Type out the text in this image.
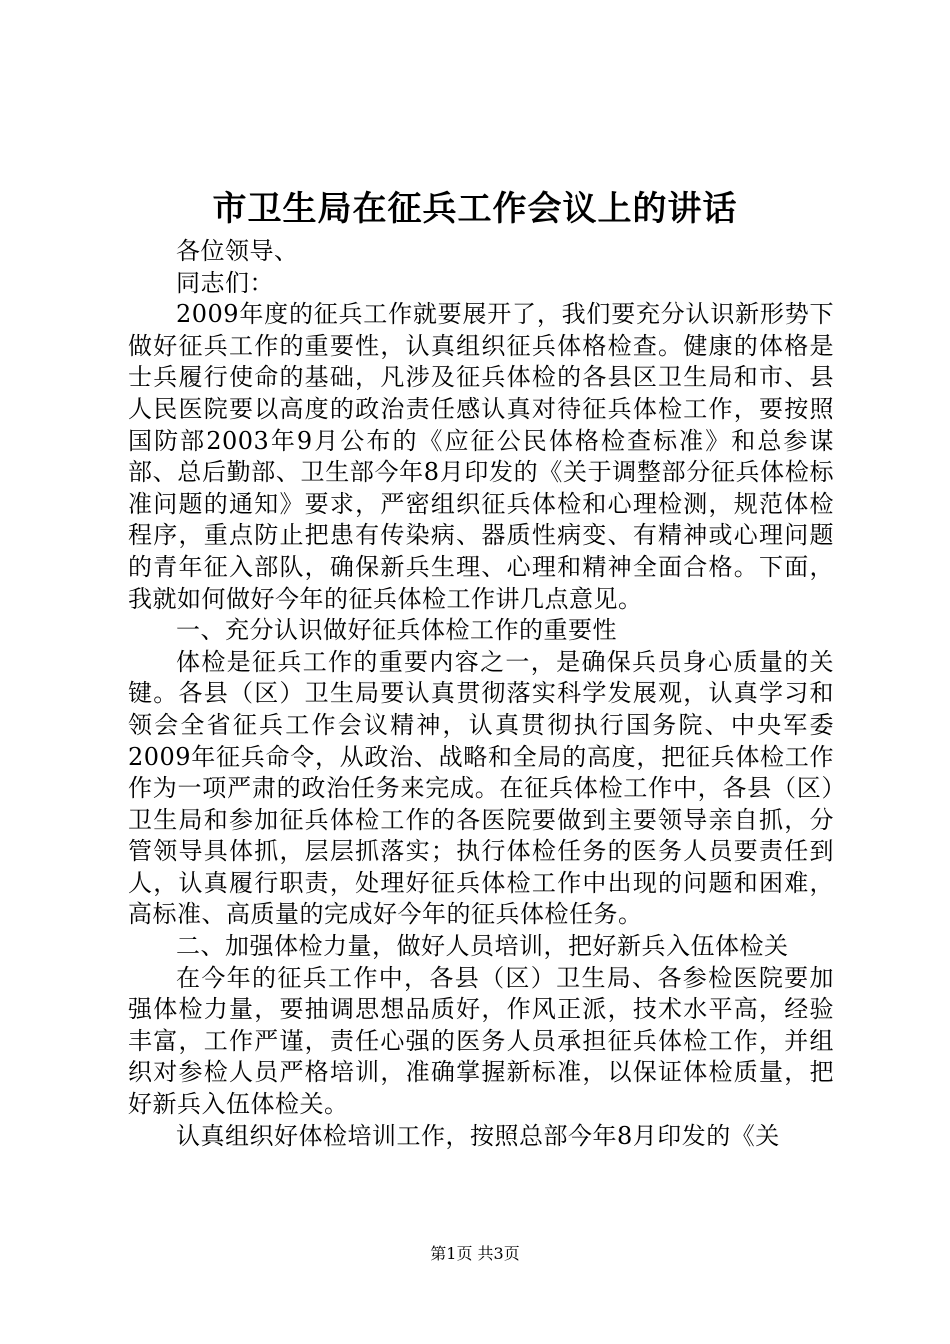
市卫生局在征兵工作会议上的讲话

各位领导、

同志们：

2009年度的征兵工作就要展开了，我们要充分认识新形势下做好征兵工作的重要性，认真组织征兵体格检查。健康的体格是士兵履行使命的基础，凡涉及征兵体检的各县区卫生局和市、县人民医院要以高度的政治责任感认真对待征兵体检工作，要按照国防部2003年9月公布的《应征公民体格检查标准》和总参谋部、总后勤部、卫生部今年8月印发的《关于调整部分征兵体检标准问题的通知》要求，严密组织征兵体检和心理检测，规范体检程序，重点防止把患有传染病、器质性病变、有精神或心理问题的青年征入部队，确保新兵生理、心理和精神全面合格。下面，我就如何做好今年的征兵体检工作讲几点意见。

一、充分认识做好征兵体检工作的重要性

体检是征兵工作的重要内容之一，是确保兵员身心质量的关键。各县（区）卫生局要认真贯彻落实科学发展观，认真学习和领会全省征兵工作会议精神，认真贯彻执行国务院、中央军委2009年征兵命令，从政治、战略和全局的高度，把征兵体检工作作为一项严肃的政治任务来完成。在征兵体检工作中，各县（区）卫生局和参加征兵体检工作的各医院要做到主要领导亲自抓，分管领导具体抓，层层抓落实；执行体检任务的医务人员要责任到人，认真履行职责，处理好征兵体检工作中出现的问题和困难，高标准、高质量的完成好今年的征兵体检任务。

二、加强体检力量，做好人员培训，把好新兵入伍体检关

在今年的征兵工作中，各县（区）卫生局、各参检医院要加强体检力量，要抽调思想品质好，作风正派，技术水平高，经验丰富，工作严谨，责任心强的医务人员承担征兵体检工作，并组织对参检人员严格培训，准确掌握新标准，以保证体检质量，把好新兵入伍体检关。

认真组织好体检培训工作，按照总部今年8月印发的《关

第1页 共3页
